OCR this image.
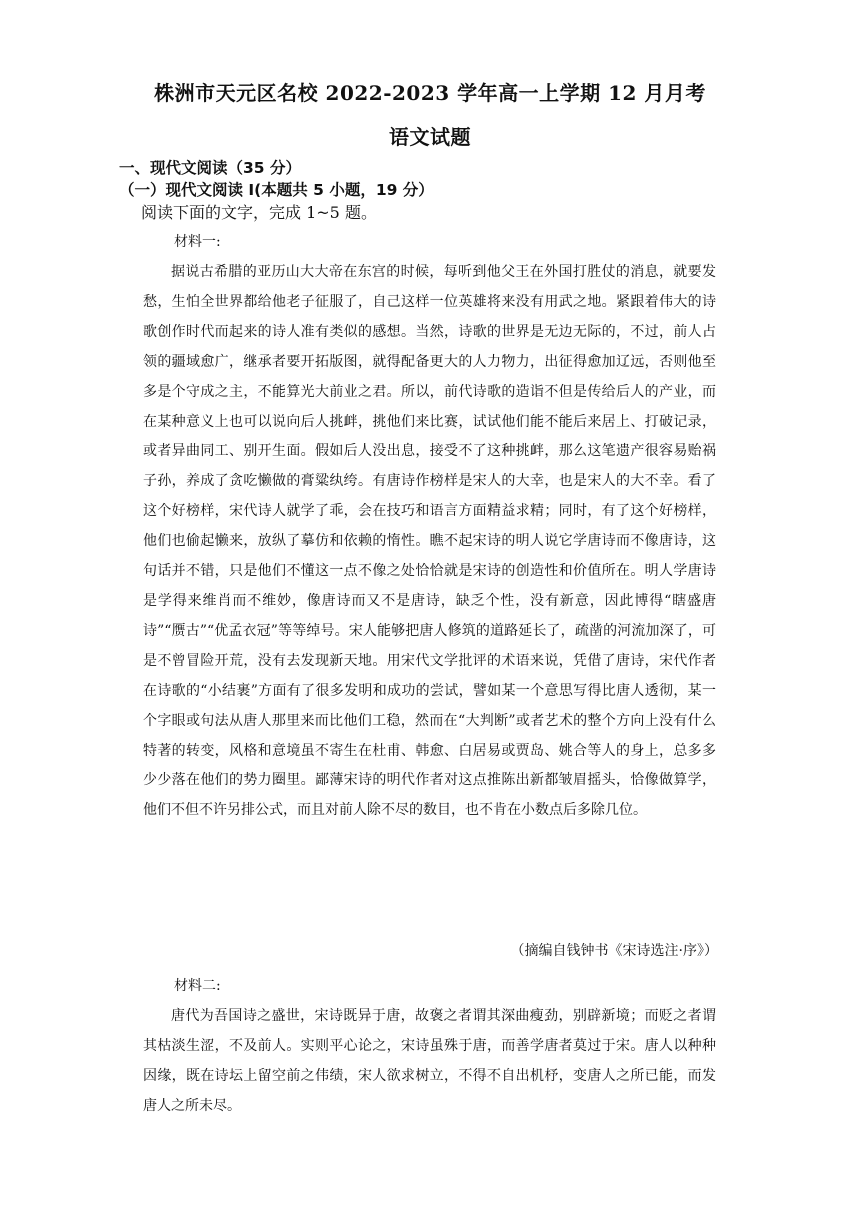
株洲市天元区名校 2022-2023 学年高一上学期 12 月月考
语文试题
一、现代文阅读（35 分）
（一）现代文阅读 I(本题共 5 小题，19 分）
阅读下面的文字，完成 1~5 题。
材料一:

据说古希腊的亚历山大大帝在东宫的时候，每听到他父王在外国打胜仗的消息，就要发愁，生怕全世界都给他老子征服了，自己这样一位英雄将来没有用武之地。紧跟着伟大的诗歌创作时代而起来的诗人准有类似的感想。当然，诗歌的世界是无边无际的，不过，前人占领的疆域愈广，继承者要开拓版图，就得配备更大的人力物力，出征得愈加辽远，否则他至多是个守成之主，不能算光大前业之君。所以，前代诗歌的造诣不但是传给后人的产业，而在某种意义上也可以说向后人挑衅，挑他们来比赛，试试他们能不能后来居上、打破记录，或者异曲同工、别开生面。假如后人没出息，接受不了这种挑衅，那么这笔遗产很容易贻祸子孙，养成了贪吃懒做的膏粱纨绔。有唐诗作榜样是宋人的大幸，也是宋人的大不幸。看了这个好榜样，宋代诗人就学了乖，会在技巧和语言方面精益求精；同时，有了这个好榜样，他们也偷起懒来，放纵了摹仿和依赖的惰性。瞧不起宋诗的明人说它学唐诗而不像唐诗，这句话并不错，只是他们不懂这一点不像之处恰恰就是宋诗的创造性和价值所在。明人学唐诗是学得来维肖而不维妙，像唐诗而又不是唐诗，缺乏个性，没有新意，因此博得“瞎盛唐诗”“赝古”“优孟衣冠”等等绰号。宋人能够把唐人修筑的道路延长了，疏凿的河流加深了，可是不曾冒险开荒，没有去发现新天地。用宋代文学批评的术语来说，凭借了唐诗，宋代作者在诗歌的“小结裹”方面有了很多发明和成功的尝试，譬如某一个意思写得比唐人透彻，某一个字眼或句法从唐人那里来而比他们工稳，然而在“大判断”或者艺术的整个方向上没有什么特著的转变，风格和意境虽不寄生在杜甫、韩愈、白居易或贾岛、姚合等人的身上，总多多少少落在他们的势力圈里。鄙薄宋诗的明代作者对这点推陈出新都皱眉摇头，恰像做算学，他们不但不许另排公式，而且对前人除不尽的数目，也不肯在小数点后多除几位。

（摘编自钱钟书《宋诗选注·序》）
材料二:

唐代为吾国诗之盛世，宋诗既异于唐，故褒之者谓其深曲瘦劲，别辟新境；而贬之者谓其枯淡生涩，不及前人。实则平心论之，宋诗虽殊于唐，而善学唐者莫过于宋。唐人以种种因缘，既在诗坛上留空前之伟绩，宋人欲求树立，不得不自出机杼，变唐人之所已能，而发唐人之所未尽。
